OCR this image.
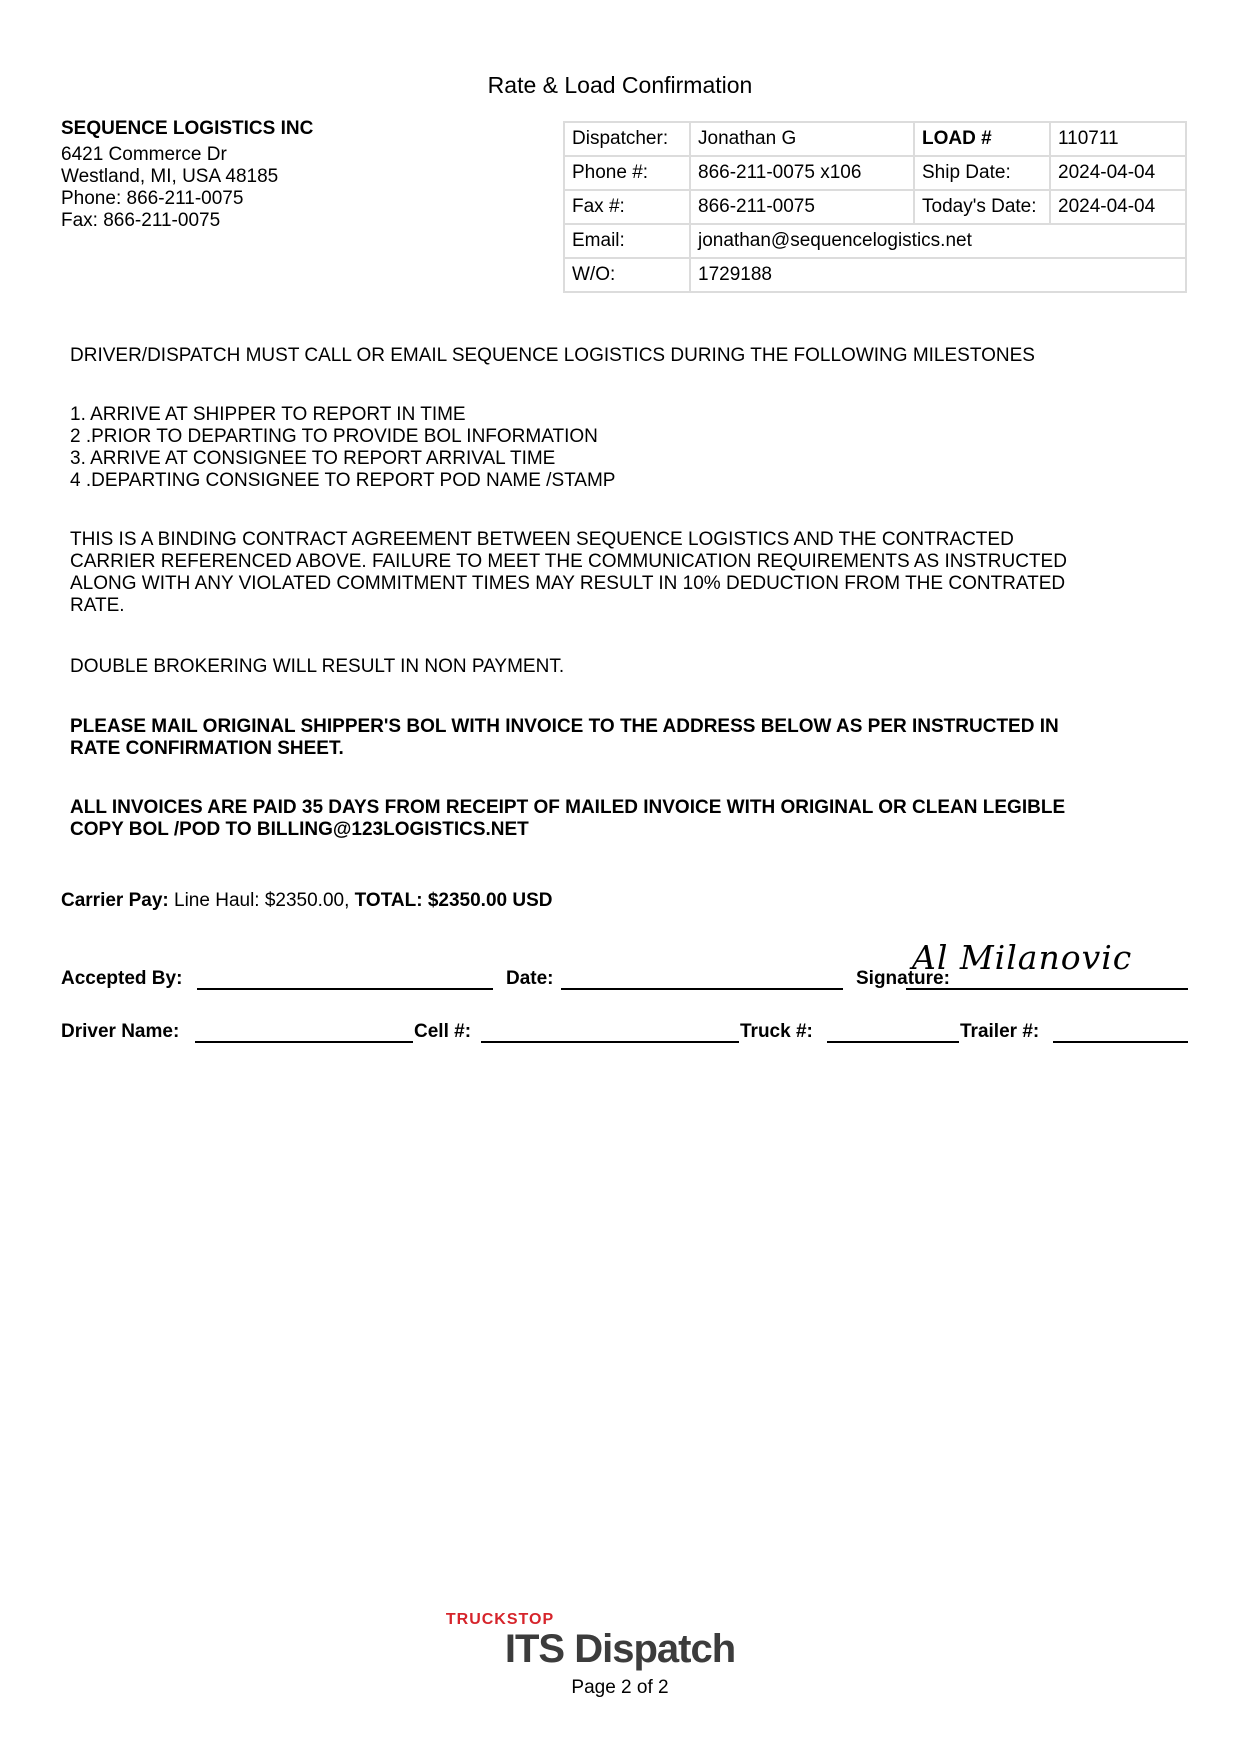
Rate & Load Confirmation
SEQUENCE LOGISTICS INC
6421 Commerce Dr
Westland, MI, USA 48185
Phone: 866-211-0075
Fax: 866-211-0075
Dispatcher:	Jonathan G	LOAD #	110711
Phone #:	866-211-0075 x106	Ship Date:	2024-04-04
Fax #:	866-211-0075	Today's Date:	2024-04-04
Email:	jonathan@sequencelogistics.net		
W/O:	1729188		
DRIVER/DISPATCH MUST CALL OR EMAIL SEQUENCE LOGISTICS DURING THE FOLLOWING MILESTONES
1. ARRIVE AT SHIPPER TO REPORT IN TIME
2 .PRIOR TO DEPARTING TO PROVIDE BOL INFORMATION
3. ARRIVE AT CONSIGNEE TO REPORT ARRIVAL TIME
4 .DEPARTING CONSIGNEE TO REPORT POD NAME /STAMP
THIS IS A BINDING CONTRACT AGREEMENT BETWEEN SEQUENCE LOGISTICS AND THE CONTRACTED
CARRIER REFERENCED ABOVE. FAILURE TO MEET THE COMMUNICATION REQUIREMENTS AS INSTRUCTED
ALONG WITH ANY VIOLATED COMMITMENT TIMES MAY RESULT IN 10% DEDUCTION FROM THE CONTRATED
RATE.
DOUBLE BROKERING WILL RESULT IN NON PAYMENT.
PLEASE MAIL ORIGINAL SHIPPER'S BOL WITH INVOICE TO THE ADDRESS BELOW AS PER INSTRUCTED IN
RATE CONFIRMATION SHEET.
ALL INVOICES ARE PAID 35 DAYS FROM RECEIPT OF MAILED INVOICE WITH ORIGINAL OR CLEAN LEGIBLE
COPY BOL /POD TO BILLING@123LOGISTICS.NET
Carrier Pay: Line Haul: $2350.00, TOTAL: $2350.00 USD
Accepted By:	Date:	Signature:
Al Milanovic
Driver Name:	Cell #:	Truck #:	Trailer #:
TRUCKSTOP
ITS Dispatch
Page 2 of 2
